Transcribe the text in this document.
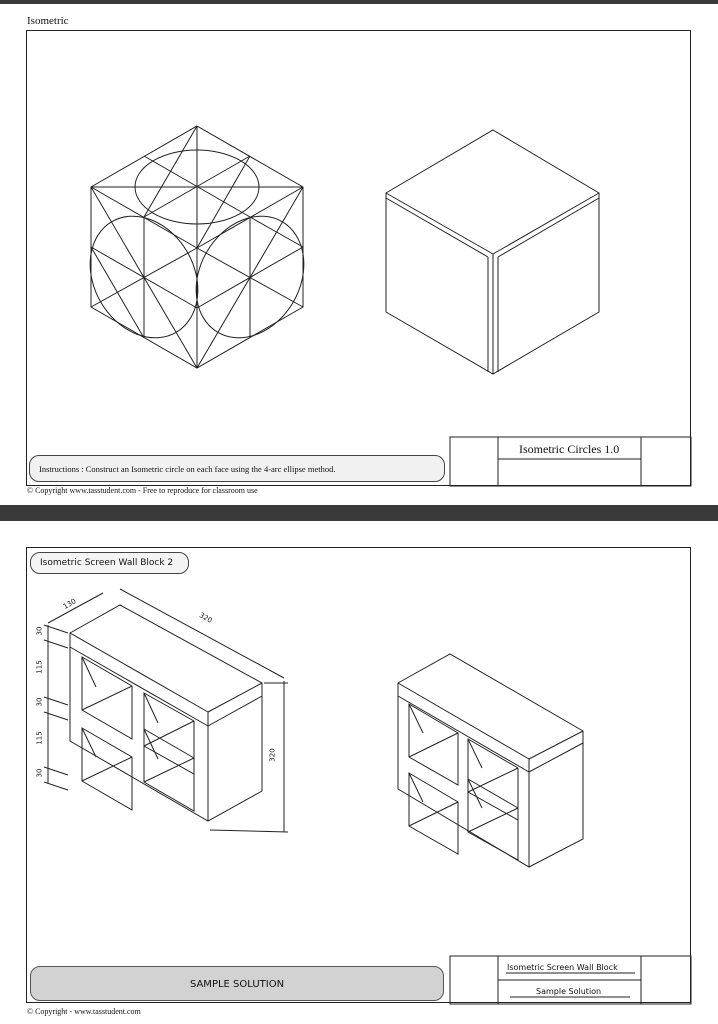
Isometric
Instructions : Construct an Isometric circle on each face using the 4-arc ellipse method.
Isometric Circles 1.0
© Copyright www.tasstudent.com - Free to reproduce for classroom use
Isometric Screen Wall Block 2
130
320
320
30
115
30
115
30
SAMPLE SOLUTION
Isometric Screen Wall Block
Sample Solution
© Copyright - www.tasstudent.com
